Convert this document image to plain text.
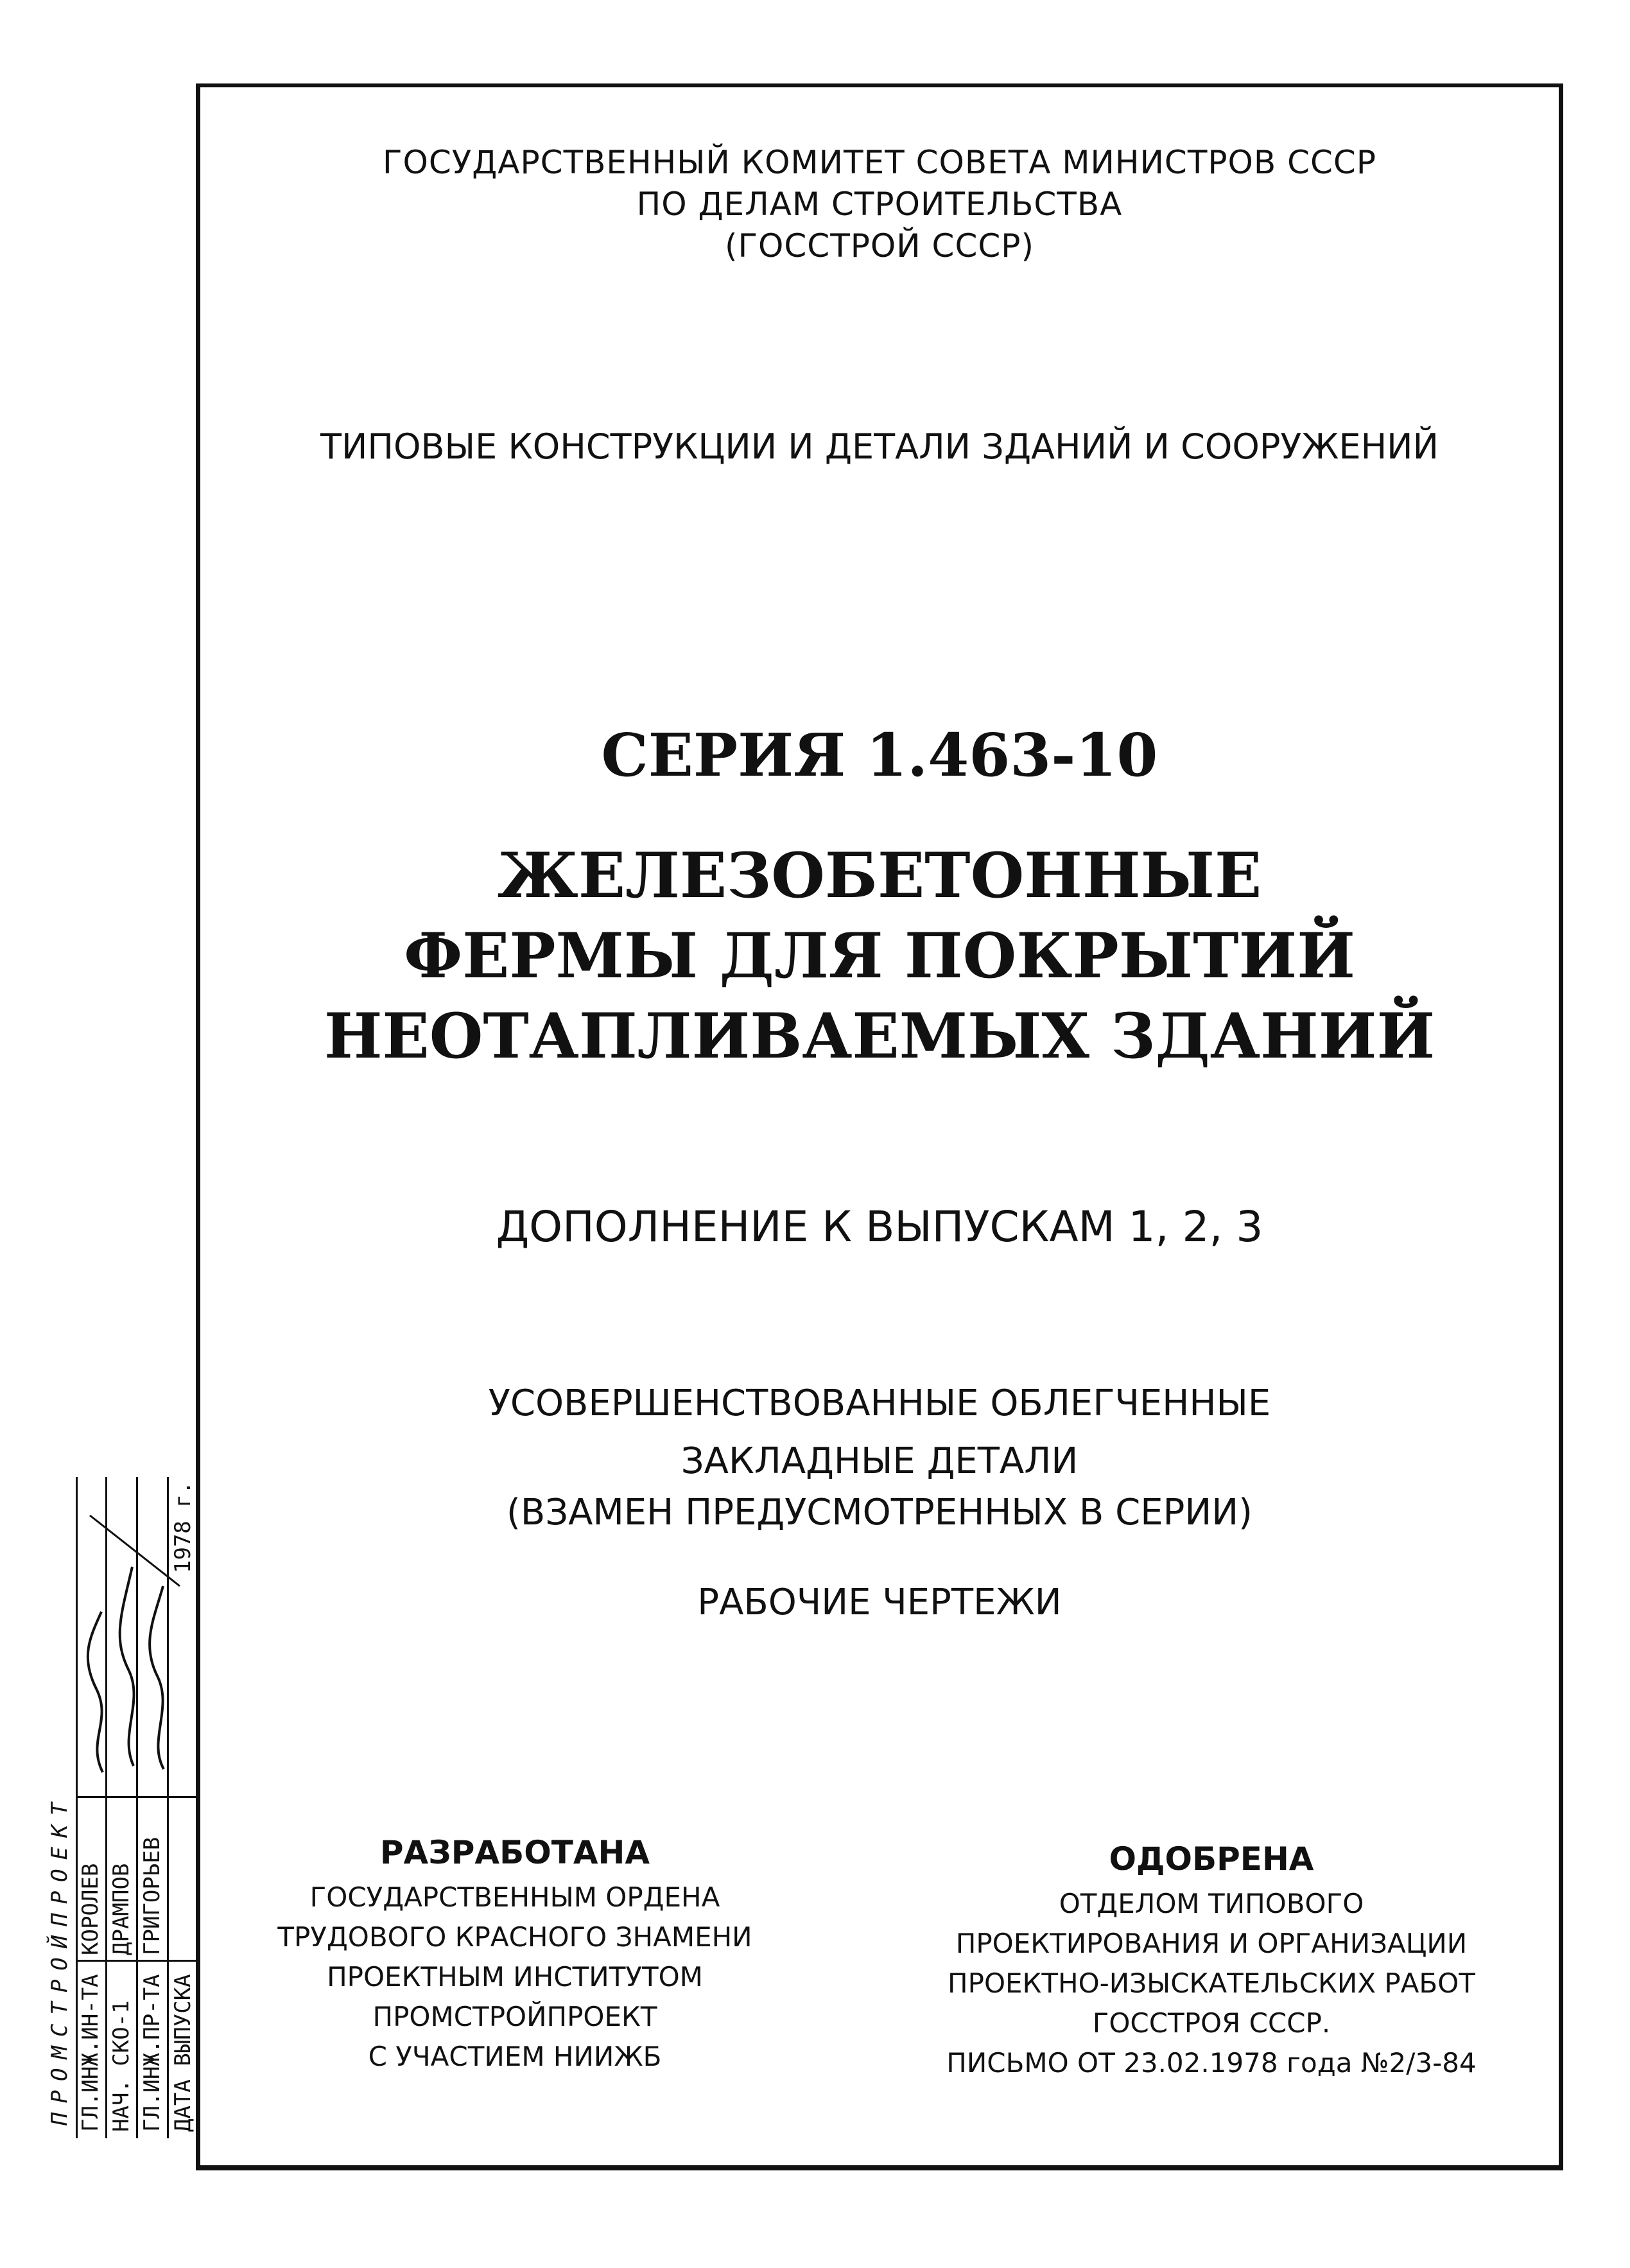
ГОСУДАРСТВЕННЫЙ КОМИТЕТ СОВЕТА МИНИСТРОВ СССР
ПО ДЕЛАМ СТРОИТЕЛЬСТВА
(ГОССТРОЙ СССР)
ТИПОВЫЕ КОНСТРУКЦИИ И ДЕТАЛИ ЗДАНИЙ И СООРУЖЕНИЙ
СЕРИЯ 1.463-10
ЖЕЛЕЗОБЕТОННЫЕ
ФЕРМЫ ДЛЯ ПОКРЫТИЙ
НЕОТАПЛИВАЕМЫХ ЗДАНИЙ
ДОПОЛНЕНИЕ К ВЫПУСКАМ 1, 2, 3
УСОВЕРШЕНСТВОВАННЫЕ ОБЛЕГЧЕННЫЕ
ЗАКЛАДНЫЕ ДЕТАЛИ
(ВЗАМЕН ПРЕДУСМОТРЕННЫХ В СЕРИИ)
РАБОЧИЕ ЧЕРТЕЖИ
РАЗРАБОТАНА
ГОСУДАРСТВЕННЫМ ОРДЕНА
ТРУДОВОГО КРАСНОГО ЗНАМЕНИ
ПРОЕКТНЫМ ИНСТИТУТОМ
ПРОМСТРОЙПРОЕКТ
С УЧАСТИЕМ НИИЖБ
ОДОБРЕНА
ОТДЕЛОМ ТИПОВОГО
ПРОЕКТИРОВАНИЯ И ОРГАНИЗАЦИИ
ПРОЕКТНО-ИЗЫСКАТЕЛЬСКИХ РАБОТ
ГОССТРОЯ СССР.
ПИСЬМО ОТ 23.02.1978 года №2/3-84
ПРОМСТРОЙПРОЕКТ ГЛ.ИНЖ.ИН-ТА
КОРОЛЕВ
НАЧ. СКО-1
ДРАМПОВ
ГЛ.ИНЖ.ПР-ТА
ГРИГОРЬЕВ
ДАТА ВЫПУСКА
1978 г.
